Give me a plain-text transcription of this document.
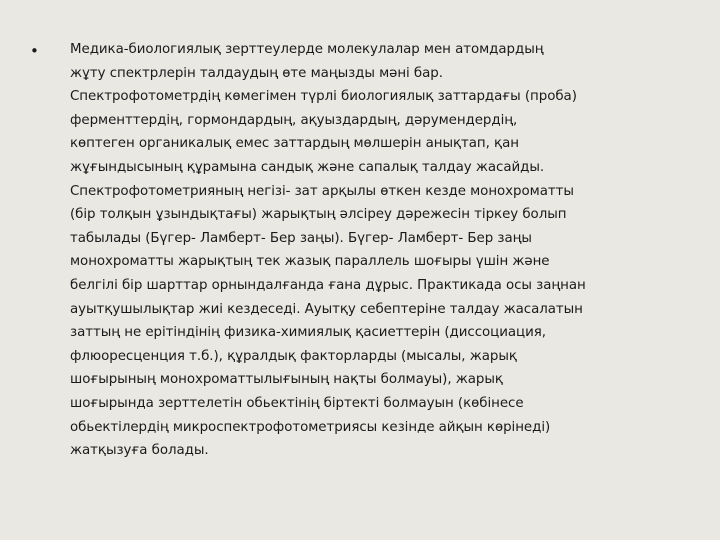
• Медика-биологиялық зерттеулерде молекулалар мен атомдардың
жұту спектрлерін талдаудың өте маңызды мәні бар.
Спектрофотометрдің көмегімен түрлі биологиялық заттардағы (проба)
ферменттердің, гормондардың, ақуыздардың, дәрумендердің,
көптеген органикалық емес заттардың мөлшерін анықтап, қан
жұғындысының құрамына сандық және сапалық талдау жасайды.
Спектрофотометрияның негізі- зат арқылы өткен кезде монохроматты
(бір толқын ұзындықтағы) жарықтың әлсіреу дәрежесін тіркеу болып
табылады (Бүгер- Ламберт- Бер заңы). Бүгер- Ламберт- Бер заңы
монохроматты жарықтың тек жазық параллель шоғыры үшін және
белгілі бір шарттар орнындалғанда ғана дұрыс. Практикада осы заңнан
ауытқушылықтар жиі кездеседі. Ауытқу себептеріне талдау жасалатын
заттың не ерітіндінің физика-химиялық қасиеттерін (диссоциация,
флюоресценция т.б.), құралдық факторларды (мысалы, жарық
шоғырының монохроматтылығының нақты болмауы), жарық
шоғырында зерттелетін обьектінің біртекті болмауын (көбінесе
обьектілердің микроспектрофотометриясы кезінде айқын көрінеді)
жатқызуға болады.
